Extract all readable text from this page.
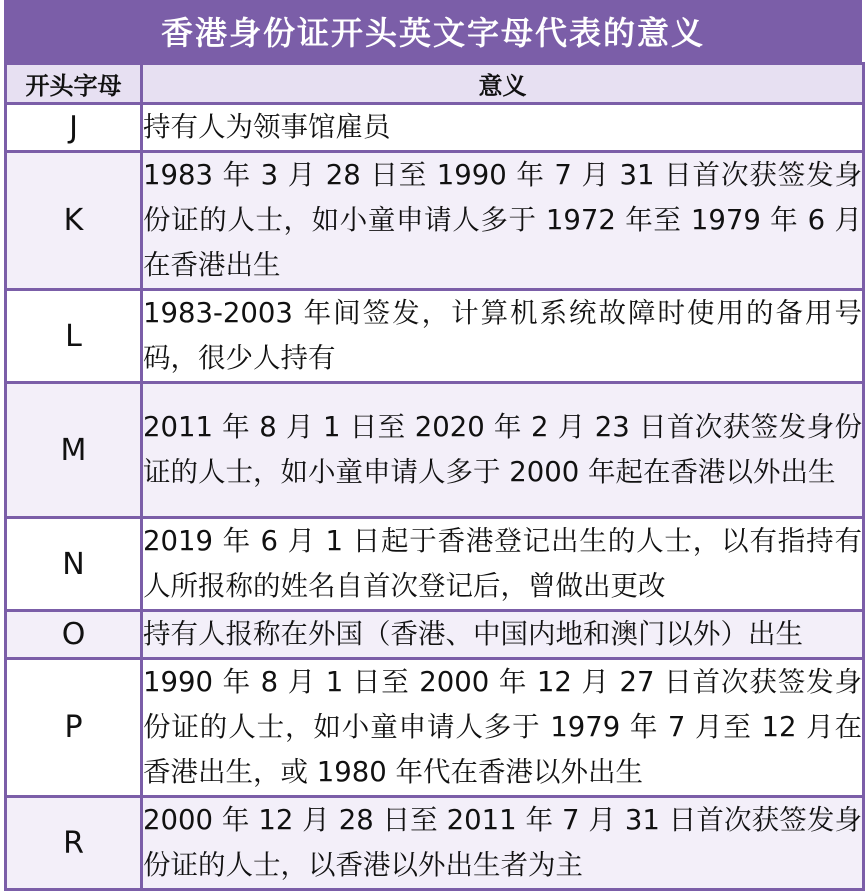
香港身份证开头英文字母代表的意义
开头字母	意义
J	持有人为领事馆雇员
K	1983 年 3 月 28 日至 1990 年 7 月 31 日首次获签发身份证的人士，如小童申请人多于 1972 年至 1979 年 6 月在香港出生
L	1983-2003 年间签发，计算机系统故障时使用的备用号码，很少人持有
M	2011 年 8 月 1 日至 2020 年 2 月 23 日首次获签发身份证的人士，如小童申请人多于 2000 年起在香港以外出生
N	2019 年 6 月 1 日起于香港登记出生的人士，以有指持有人所报称的姓名自首次登记后，曾做出更改
O	持有人报称在外国（香港、中国内地和澳门以外）出生
P	1990 年 8 月 1 日至 2000 年 12 月 27 日首次获签发身份证的人士，如小童申请人多于 1979 年 7 月至 12 月在香港出生，或 1980 年代在香港以外出生
R	2000 年 12 月 28 日至 2011 年 7 月 31 日首次获签发身份证的人士，以香港以外出生者为主
